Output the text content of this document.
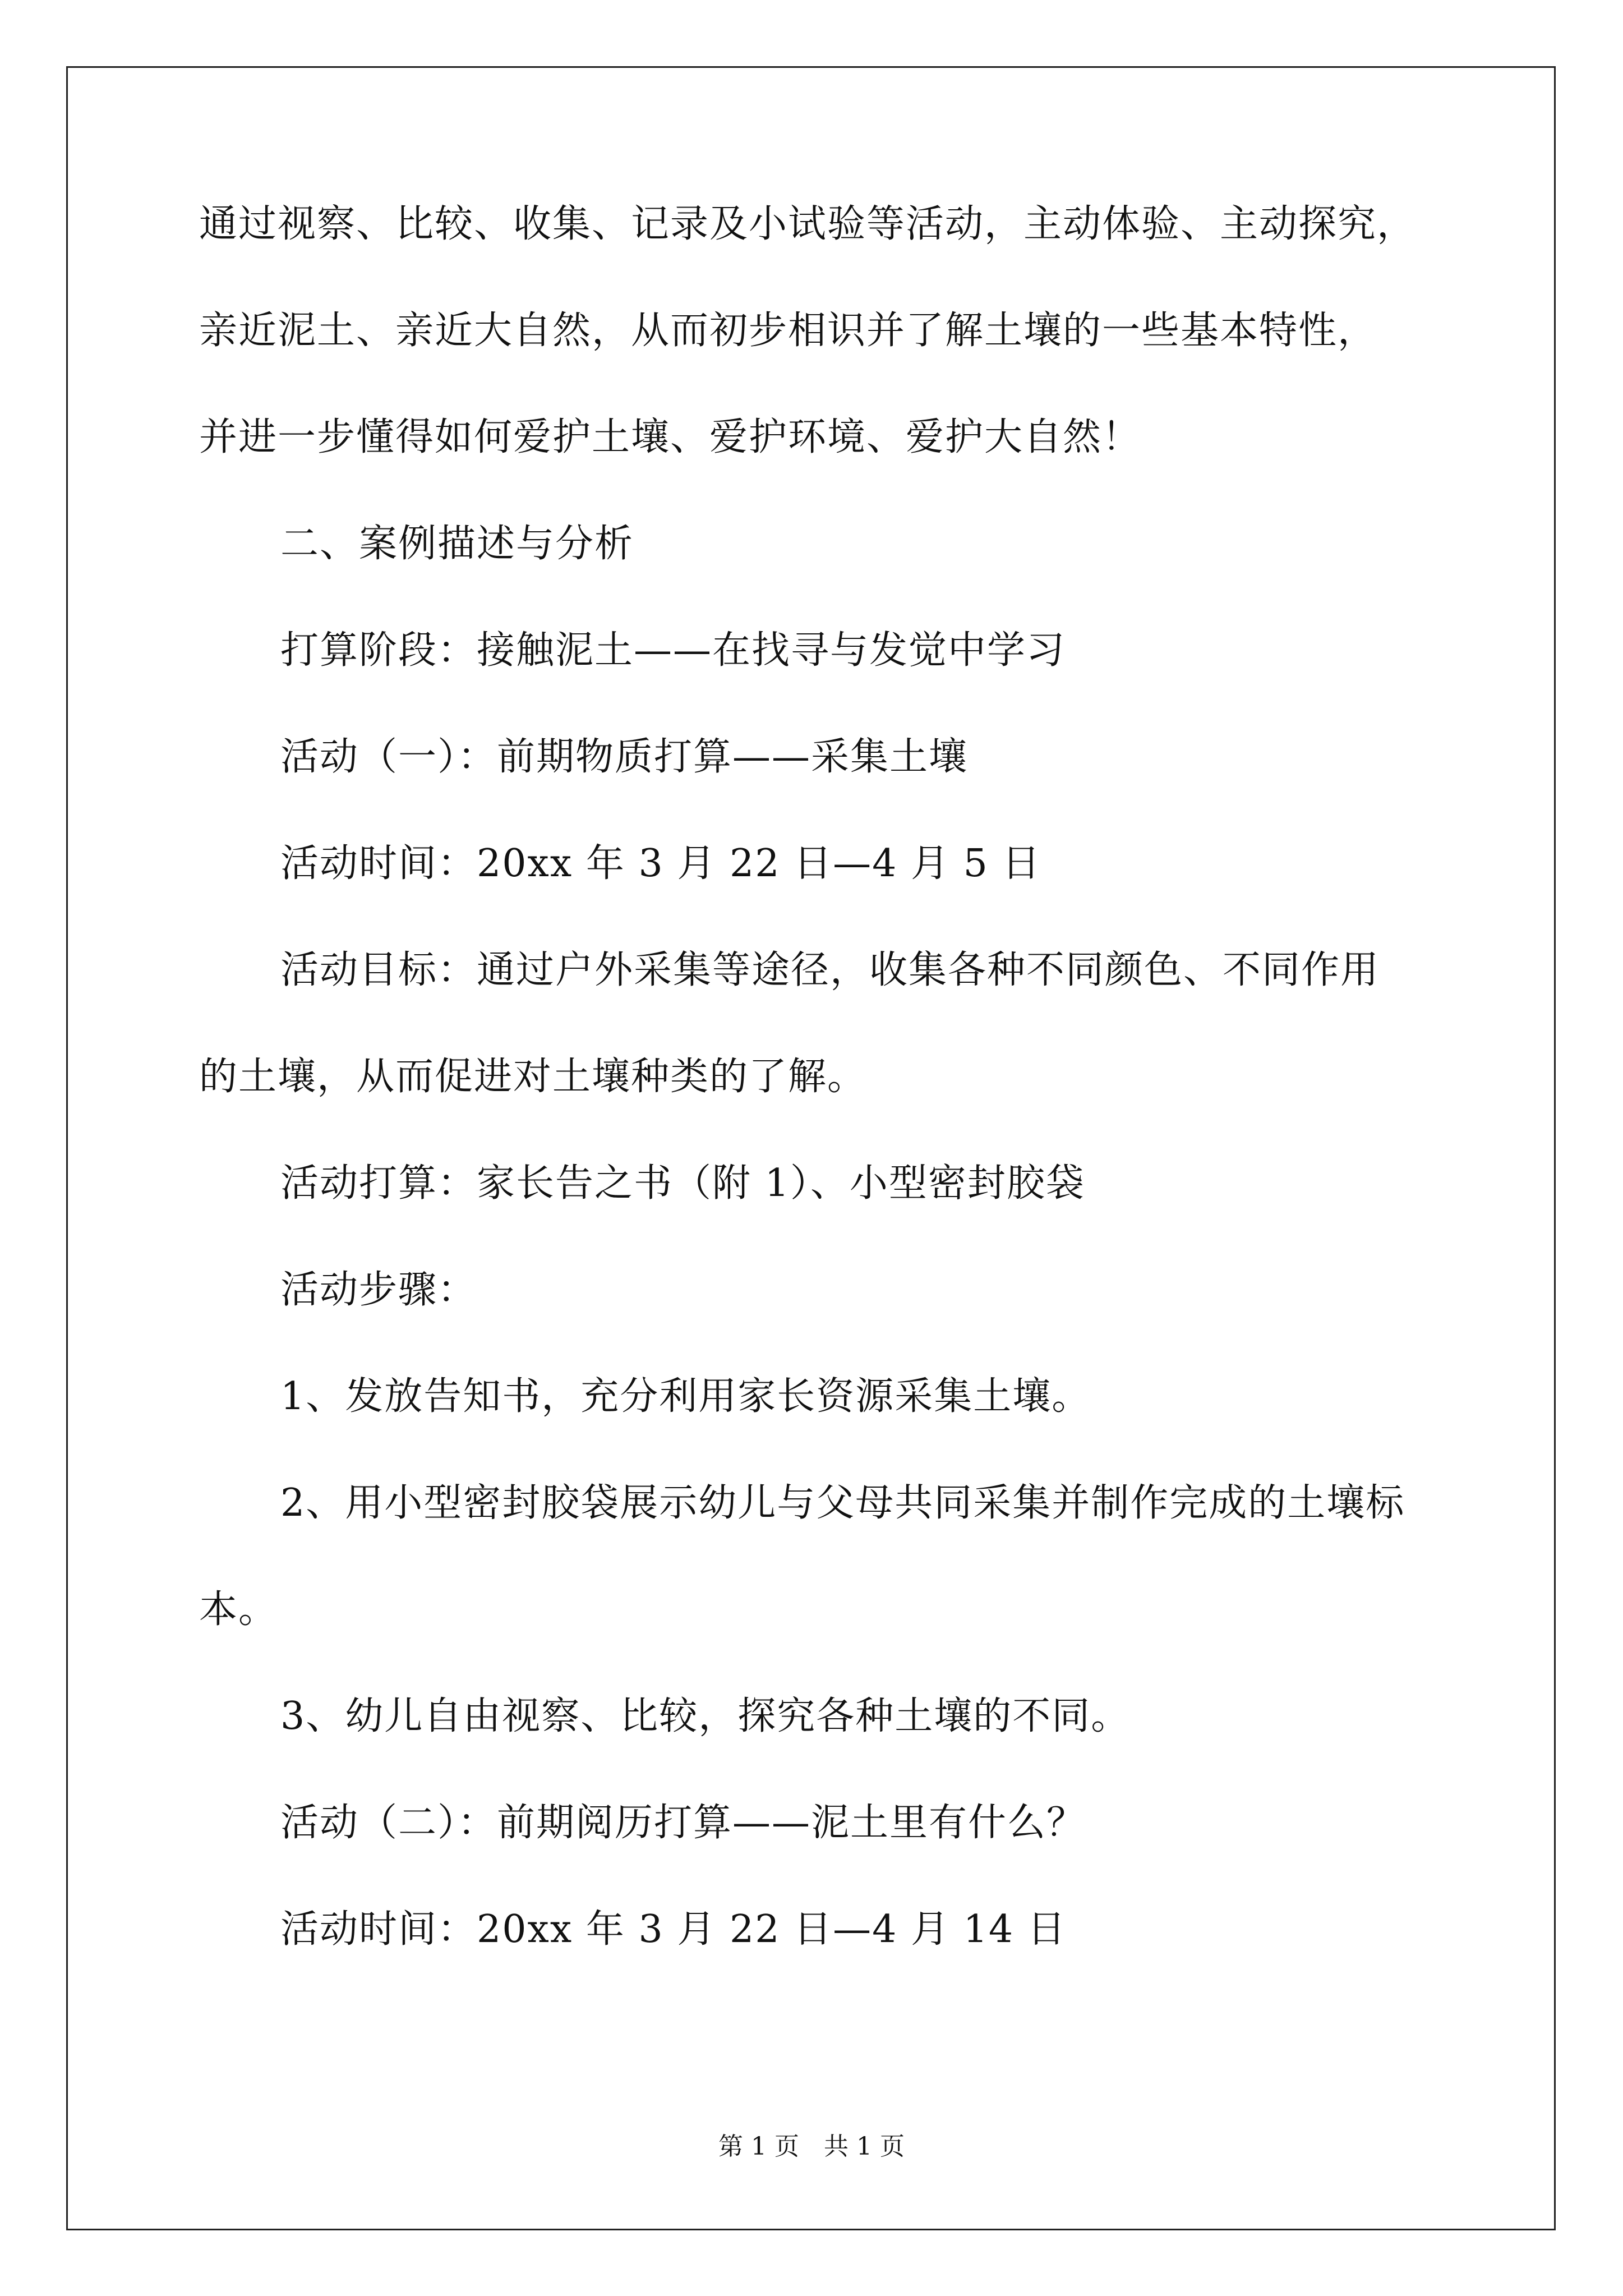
通过视察、比较、收集、记录及小试验等活动，主动体验、主动探究，
亲近泥土、亲近大自然，从而初步相识并了解土壤的一些基本特性，
并进一步懂得如何爱护土壤、爱护环境、爱护大自然！
二、案例描述与分析
打算阶段：接触泥土——在找寻与发觉中学习
活动（一）：前期物质打算——采集土壤
活动时间：20xx 年 3 月 22 日—4 月 5 日
活动目标：通过户外采集等途径，收集各种不同颜色、不同作用
的土壤，从而促进对土壤种类的了解。
活动打算：家长告之书（附 1）、小型密封胶袋
活动步骤：
1、发放告知书，充分利用家长资源采集土壤。
2、用小型密封胶袋展示幼儿与父母共同采集并制作完成的土壤标
本。
3、幼儿自由视察、比较，探究各种土壤的不同。
活动（二）：前期阅历打算——泥土里有什么？
活动时间：20xx 年 3 月 22 日—4 月 14 日
第 1 页　共 1 页
